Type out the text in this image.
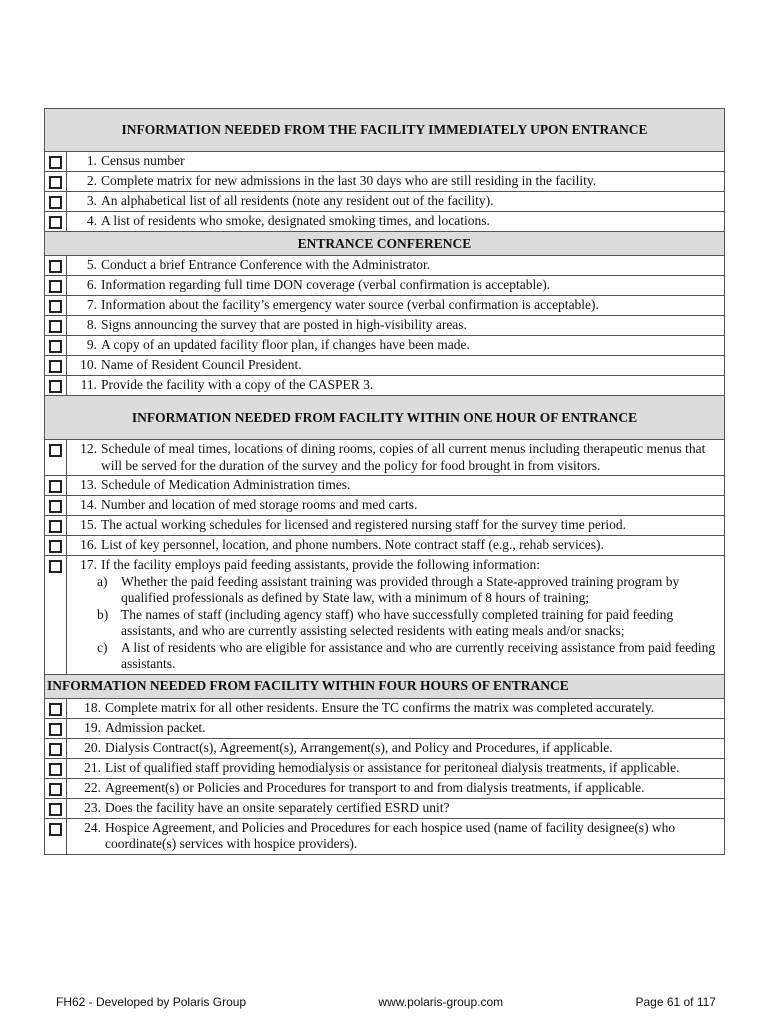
INFORMATION NEEDED FROM THE FACILITY IMMEDIATELY UPON ENTRANCE
1. Census number
2. Complete matrix for new admissions in the last 30 days who are still residing in the facility.
3. An alphabetical list of all residents (note any resident out of the facility).
4. A list of residents who smoke, designated smoking times, and locations.
ENTRANCE CONFERENCE
5. Conduct a brief Entrance Conference with the Administrator.
6. Information regarding full time DON coverage (verbal confirmation is acceptable).
7. Information about the facility’s emergency water source (verbal confirmation is acceptable).
8. Signs announcing the survey that are posted in high-visibility areas.
9. A copy of an updated facility floor plan, if changes have been made.
10. Name of Resident Council President.
11. Provide the facility with a copy of the CASPER 3.
INFORMATION NEEDED FROM FACILITY WITHIN ONE HOUR OF ENTRANCE
12. Schedule of meal times, locations of dining rooms, copies of all current menus including therapeutic menus that will be served for the duration of the survey and the policy for food brought in from visitors.
13. Schedule of Medication Administration times.
14. Number and location of med storage rooms and med carts.
15. The actual working schedules for licensed and registered nursing staff for the survey time period.
16. List of key personnel, location, and phone numbers. Note contract staff (e.g., rehab services).
17. If the facility employs paid feeding assistants, provide the following information:
a)	Whether the paid feeding assistant training was provided through a State-approved training program by qualified professionals as defined by State law, with a minimum of 8 hours of training;
b) The names of staff (including agency staff) who have successfully completed training for paid feeding assistants, and who are currently assisting selected residents with eating meals and/or snacks;
c)	A list of residents who are eligible for assistance and who are currently receiving assistance from paid feeding assistants.
INFORMATION NEEDED FROM FACILITY WITHIN FOUR HOURS OF ENTRANCE
18. Complete matrix for all other residents. Ensure the TC confirms the matrix was completed accurately.
19. Admission packet.
20. Dialysis Contract(s), Agreement(s), Arrangement(s), and Policy and Procedures, if applicable.
21. List of qualified staff providing hemodialysis or assistance for peritoneal dialysis treatments, if applicable.
22. Agreement(s) or Policies and Procedures for transport to and from dialysis treatments, if applicable.
23. Does the facility have an onsite separately certified ESRD unit?
24. Hospice Agreement, and Policies and Procedures for each hospice used (name of facility designee(s) who coordinate(s) services with hospice providers).
FH62 - Developed by Polaris Group	www.polaris-group.com	Page 61 of 117
